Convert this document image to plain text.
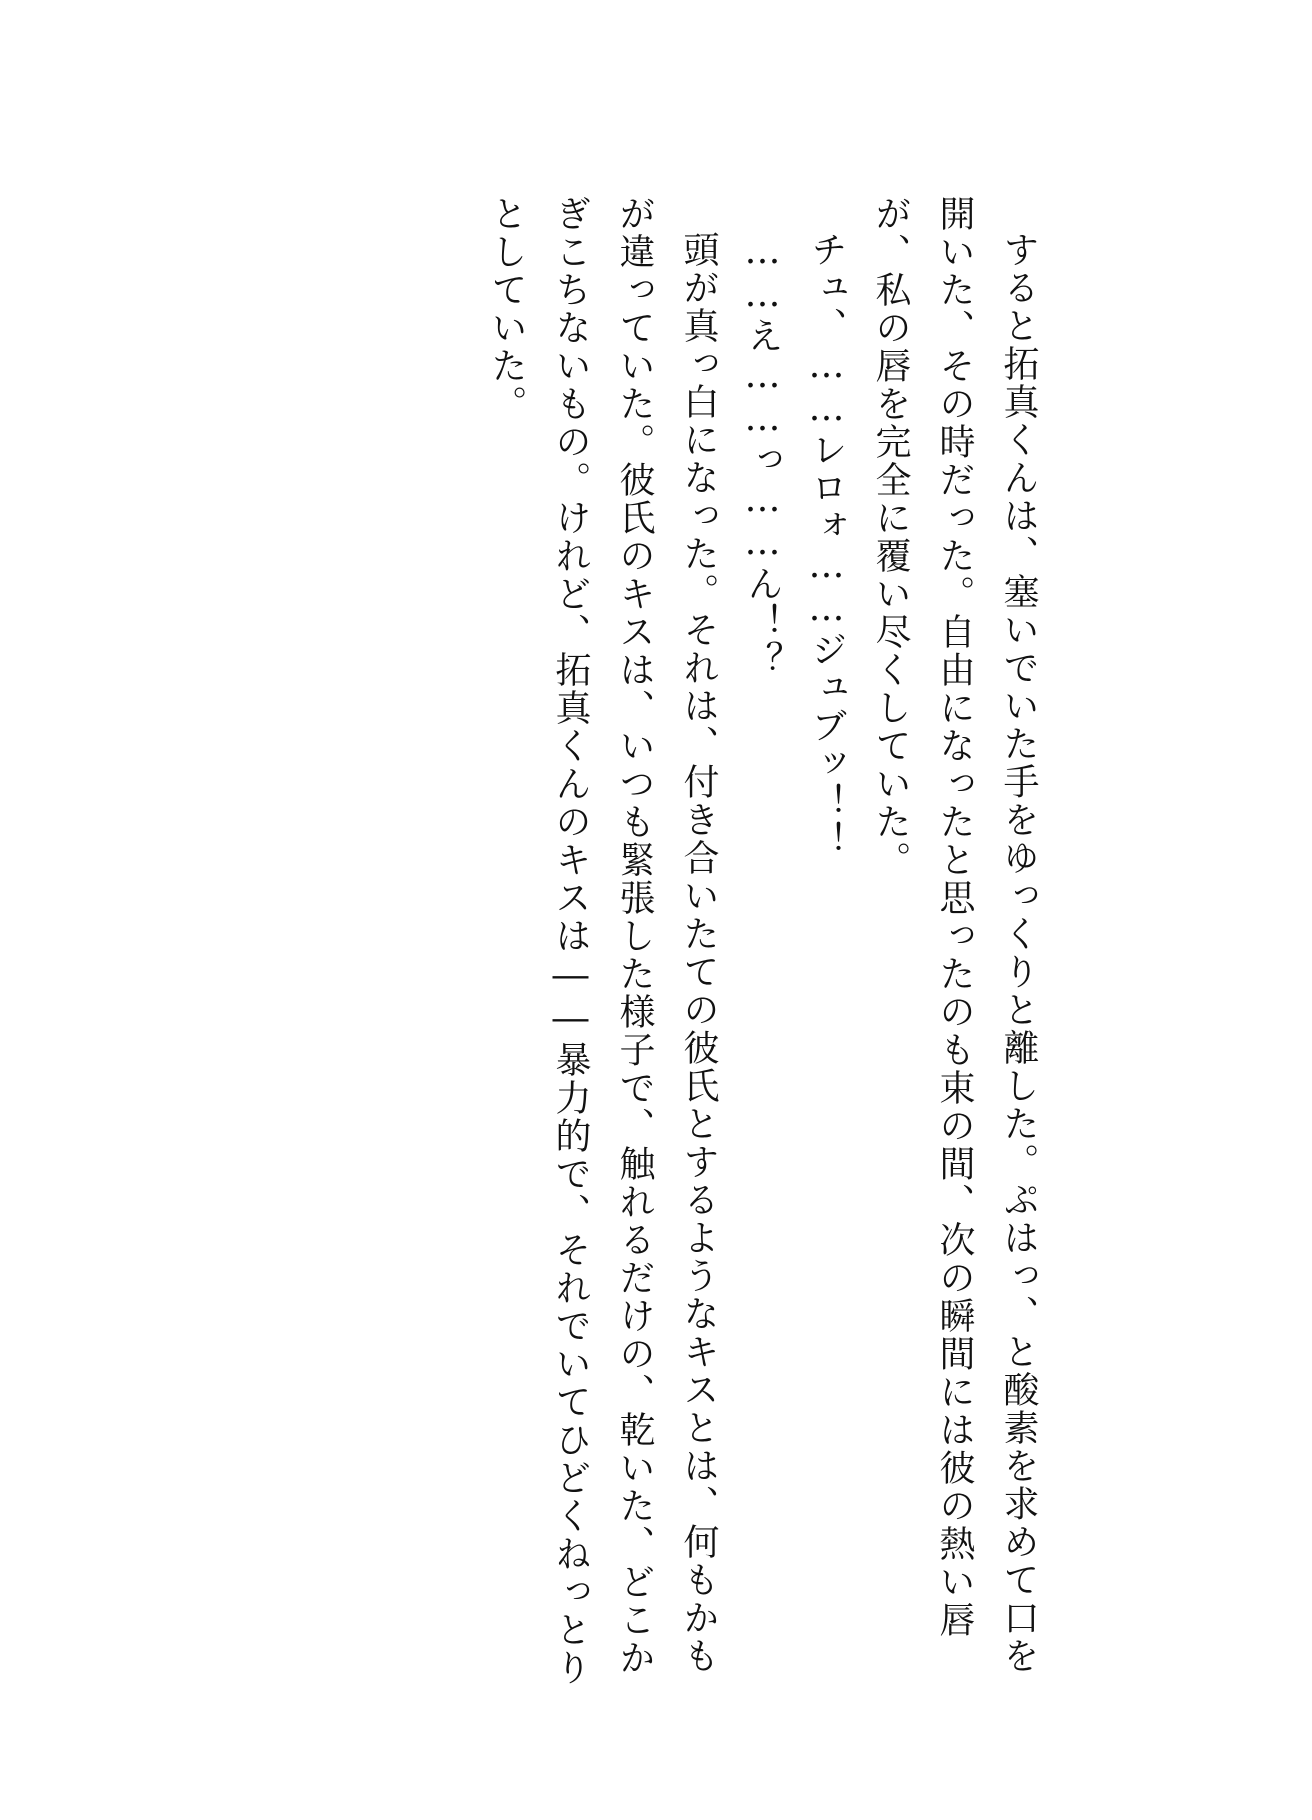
すると拓真くんは、塞いでいた手をゆっくりと離した。ぷはっ、と酸素を求めて口を
開いた、その時だった。自由になったと思ったのも束の間、次の瞬間には彼の熱い唇
が、私の唇を完全に覆い尽くしていた。
チュ、……レロォ……ジュブッ！！
……え……っ……ん！？
頭が真っ白になった。それは、付き合いたての彼氏とするようなキスとは、何もかも
が違っていた。彼氏のキスは、いつも緊張した様子で、触れるだけの、乾いた、どこか
ぎこちないもの。けれど、拓真くんのキスは――暴力的で、それでいてひどくねっとり
としていた。
